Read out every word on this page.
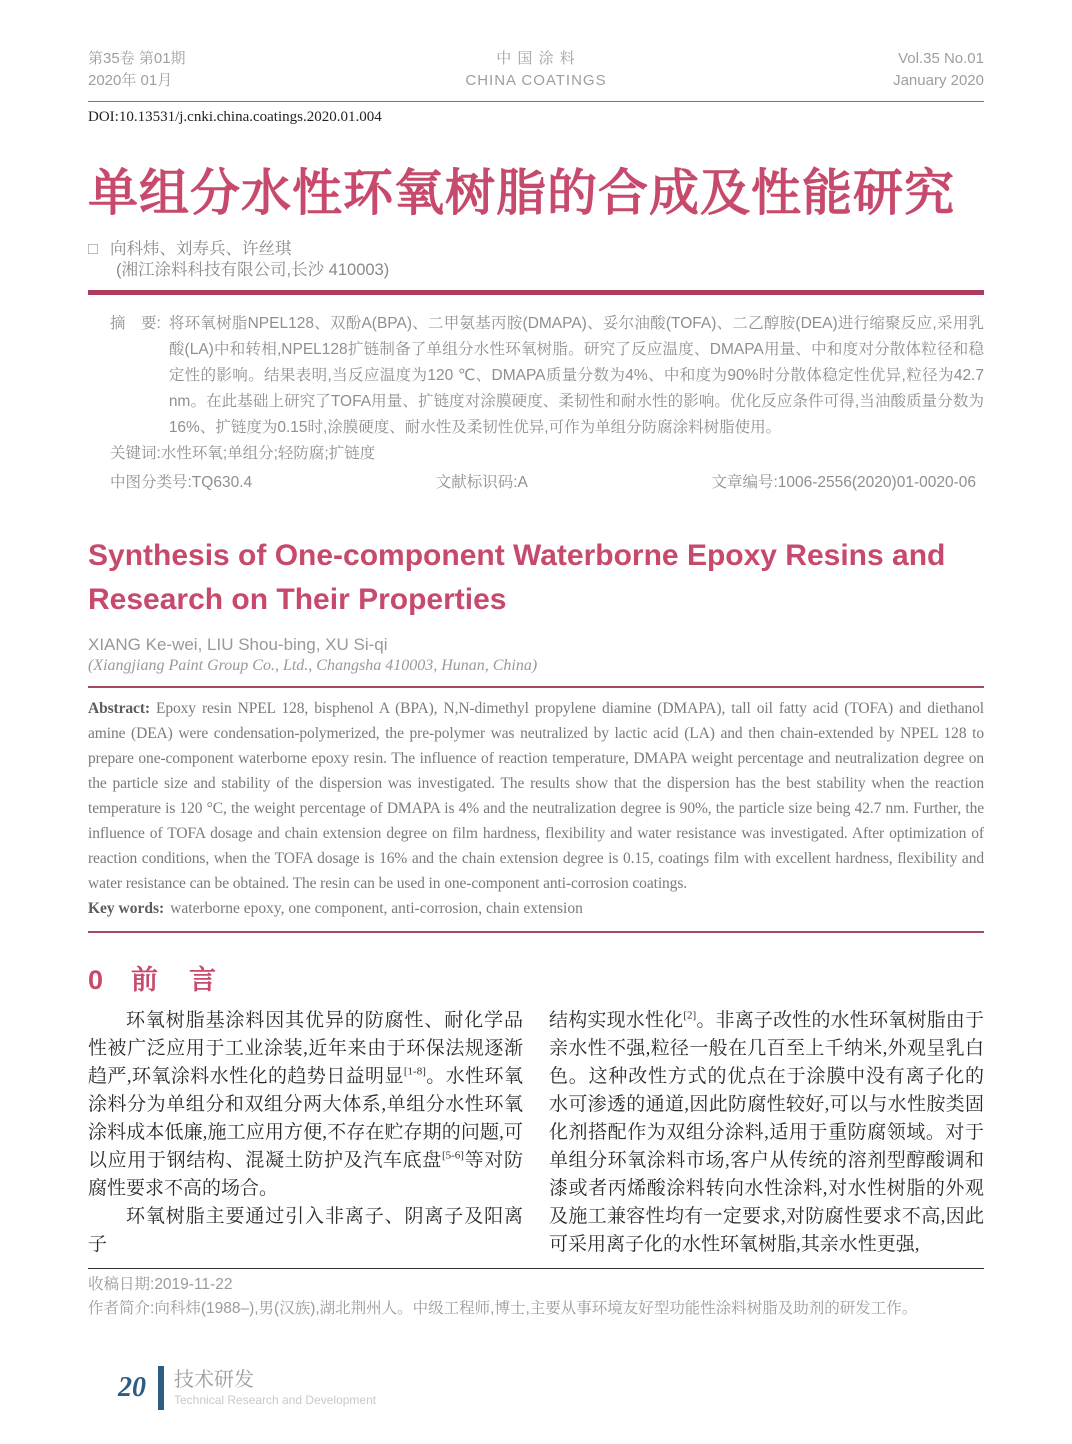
第35卷 第01期
2020年 01月
中 国 涂 料
CHINA COATINGS
Vol.35 No.01
January 2020
DOI:10.13531/j.cnki.china.coatings.2020.01.004
单组分水性环氧树脂的合成及性能研究
□ 向科炜、刘寿兵、许丝琪
(湘江涂料科技有限公司,长沙 410003)
摘　要: 将环氧树脂NPEL128、双酚A(BPA)、二甲氨基丙胺(DMAPA)、妥尔油酸(TOFA)、二乙醇胺(DEA)进行缩聚反应,采用乳酸(LA)中和转相,NPEL128扩链制备了单组分水性环氧树脂。研究了反应温度、DMAPA用量、中和度对分散体粒径和稳定性的影响。结果表明,当反应温度为120 ℃、DMAPA质量分数为4%、中和度为90%时分散体稳定性优异,粒径为42.7 nm。在此基础上研究了TOFA用量、扩链度对涂膜硬度、柔韧性和耐水性的影响。优化反应条件可得,当油酸质量分数为16%、扩链度为0.15时,涂膜硬度、耐水性及柔韧性优异,可作为单组分防腐涂料树脂使用。
关键词:水性环氧;单组分;轻防腐;扩链度
中图分类号:TQ630.4	文献标识码:A	文章编号:1006-2556(2020)01-0020-06
Synthesis of One-component Waterborne Epoxy Resins and
Research on Their Properties
XIANG Ke-wei, LIU Shou-bing, XU Si-qi
(Xiangjiang Paint Group Co., Ltd., Changsha 410003, Hunan, China)
Abstract: Epoxy resin NPEL 128, bisphenol A (BPA), N,N-dimethyl propylene diamine (DMAPA), tall oil fatty acid (TOFA) and diethanol amine (DEA) were condensation-polymerized, the pre-polymer was neutralized by lactic acid (LA) and then chain-extended by NPEL 128 to prepare one-component waterborne epoxy resin. The influence of reaction temperature, DMAPA weight percentage and neutralization degree on the particle size and stability of the dispersion was investigated. The results show that the dispersion has the best stability when the reaction temperature is 120 °C, the weight percentage of DMAPA is 4% and the neutralization degree is 90%, the particle size being 42.7 nm. Further, the influence of TOFA dosage and chain extension degree on film hardness, flexibility and water resistance was investigated. After optimization of reaction conditions, when the TOFA dosage is 16% and the chain extension degree is 0.15, coatings film with excellent hardness, flexibility and water resistance can be obtained. The resin can be used in one-component anti-corrosion coatings.
Key words: waterborne epoxy, one component, anti-corrosion, chain extension
0 前　言

环氧树脂基涂料因其优异的防腐性、耐化学品性被广泛应用于工业涂装,近年来由于环保法规逐渐趋严,环氧涂料水性化的趋势日益明显[1-8]。水性环氧涂料分为单组分和双组分两大体系,单组分水性环氧涂料成本低廉,施工应用方便,不存在贮存期的问题,可以应用于钢结构、混凝土防护及汽车底盘[5-6]等对防腐性要求不高的场合。

环氧树脂主要通过引入非离子、阴离子及阳离子

结构实现水性化[2]。非离子改性的水性环氧树脂由于亲水性不强,粒径一般在几百至上千纳米,外观呈乳白色。这种改性方式的优点在于涂膜中没有离子化的水可渗透的通道,因此防腐性较好,可以与水性胺类固化剂搭配作为双组分涂料,适用于重防腐领域。对于单组分环氧涂料市场,客户从传统的溶剂型醇酸调和漆或者丙烯酸涂料转向水性涂料,对水性树脂的外观及施工兼容性均有一定要求,对防腐性要求不高,因此可采用离子化的水性环氧树脂,其亲水性更强,

收稿日期:2019-11-22
作者简介:向科炜(1988–),男(汉族),湖北荆州人。中级工程师,博士,主要从事环境友好型功能性涂料树脂及助剂的研发工作。
20 技术研发
Technical Research and Development
